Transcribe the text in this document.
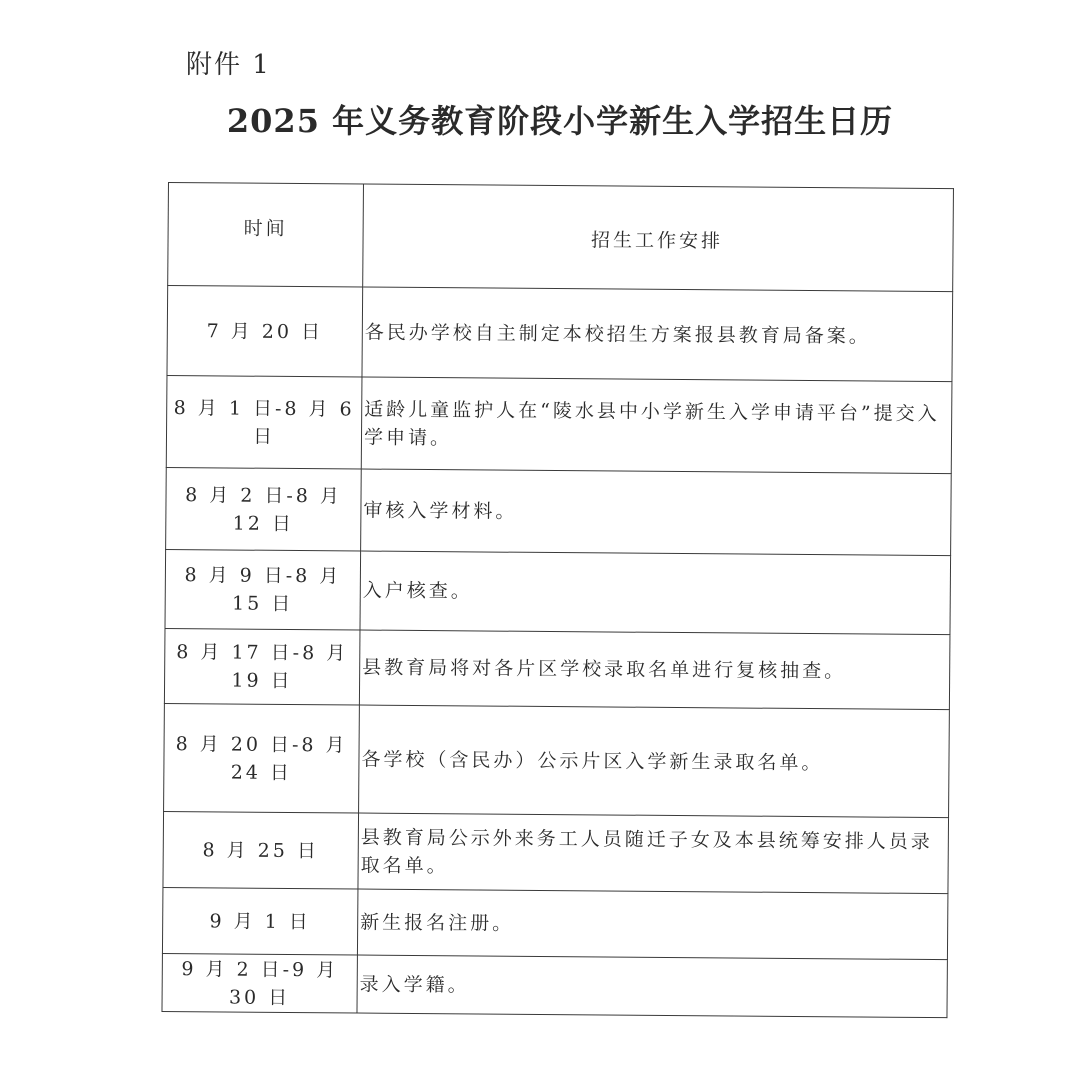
附件 1
2025 年义务教育阶段小学新生入学招生日历
时间	招生工作安排
7 月 20 日	各民办学校自主制定本校招生方案报县教育局备案。
8 月 1 日-8 月 6 日	适龄儿童监护人在“陵水县中小学新生入学申请平台”提交入学申请。
8 月 2 日-8 月 12 日	审核入学材料。
8 月 9 日-8 月 15 日	入户核查。
8 月 17 日-8 月 19 日	县教育局将对各片区学校录取名单进行复核抽查。
8 月 20 日-8 月 24 日	各学校（含民办）公示片区入学新生录取名单。
8 月 25 日	县教育局公示外来务工人员随迁子女及本县统筹安排人员录取名单。
9 月 1 日	新生报名注册。
9 月 2 日-9 月 30 日	录入学籍。
